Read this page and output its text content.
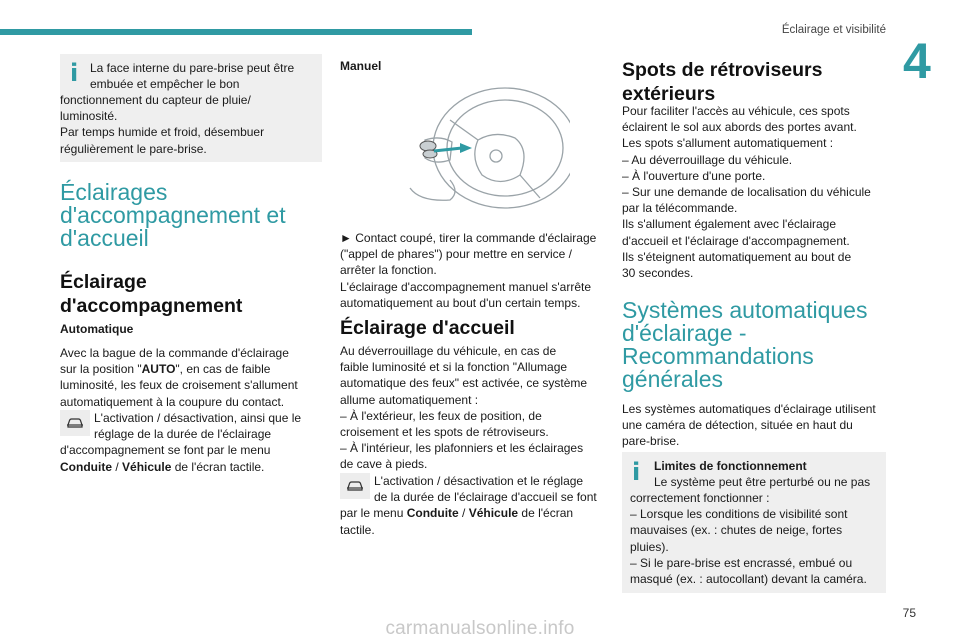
Éclairage et visibilité
4
i La face interne du pare-brise peut être

embuée et empêcher le bon

fonctionnement du capteur de pluie/

luminosité.

Par temps humide et froid, désembuer

régulièrement le pare-brise.

Éclairages

d'accompagnement et

d'accueil

Éclairage

d'accompagnement

Automatique

Avec la bague de la commande d'éclairage

sur la position "AUTO", en cas de faible

luminosité, les feux de croisement s'allument

automatiquement à la coupure du contact.

L'activation / désactivation, ainsi que le

réglage de la durée de l'éclairage

d'accompagnement se font par le menu

Conduite / Véhicule de l'écran tactile.

Manuel

► Contact coupé, tirer la commande d'éclairage

("appel de phares") pour mettre en service /

arrêter la fonction.

L'éclairage d'accompagnement manuel s'arrête

automatiquement au bout d'un certain temps.

Éclairage d'accueil

Au déverrouillage du véhicule, en cas de

faible luminosité et si la fonction "Allumage

automatique des feux" est activée, ce système

allume automatiquement :

– À l'extérieur, les feux de position, de

croisement et les spots de rétroviseurs.

– À l'intérieur, les plafonniers et les éclairages

de cave à pieds.

L'activation / désactivation et le réglage

de la durée de l'éclairage d'accueil se font

par le menu Conduite / Véhicule de l'écran

tactile.

Spots de rétroviseurs

extérieurs

Pour faciliter l'accès au véhicule, ces spots

éclairent le sol aux abords des portes avant.

Les spots s'allument automatiquement :

– Au déverrouillage du véhicule.

– À l'ouverture d'une porte.

– Sur une demande de localisation du véhicule

par la télécommande.

Ils s'allument également avec l'éclairage

d'accueil et l'éclairage d'accompagnement.

Ils s'éteignent automatiquement au bout de

30 secondes.

Systèmes automatiques

d'éclairage -

Recommandations

générales

Les systèmes automatiques d'éclairage utilisent

une caméra de détection, située en haut du

pare-brise.

i Limites de fonctionnement

Le système peut être perturbé ou ne pas

correctement fonctionner :

– Lorsque les conditions de visibilité sont

mauvaises (ex. : chutes de neige, fortes

pluies).

– Si le pare-brise est encrassé, embué ou

masqué (ex. : autocollant) devant la caméra.

75
carmanualsonline.info
